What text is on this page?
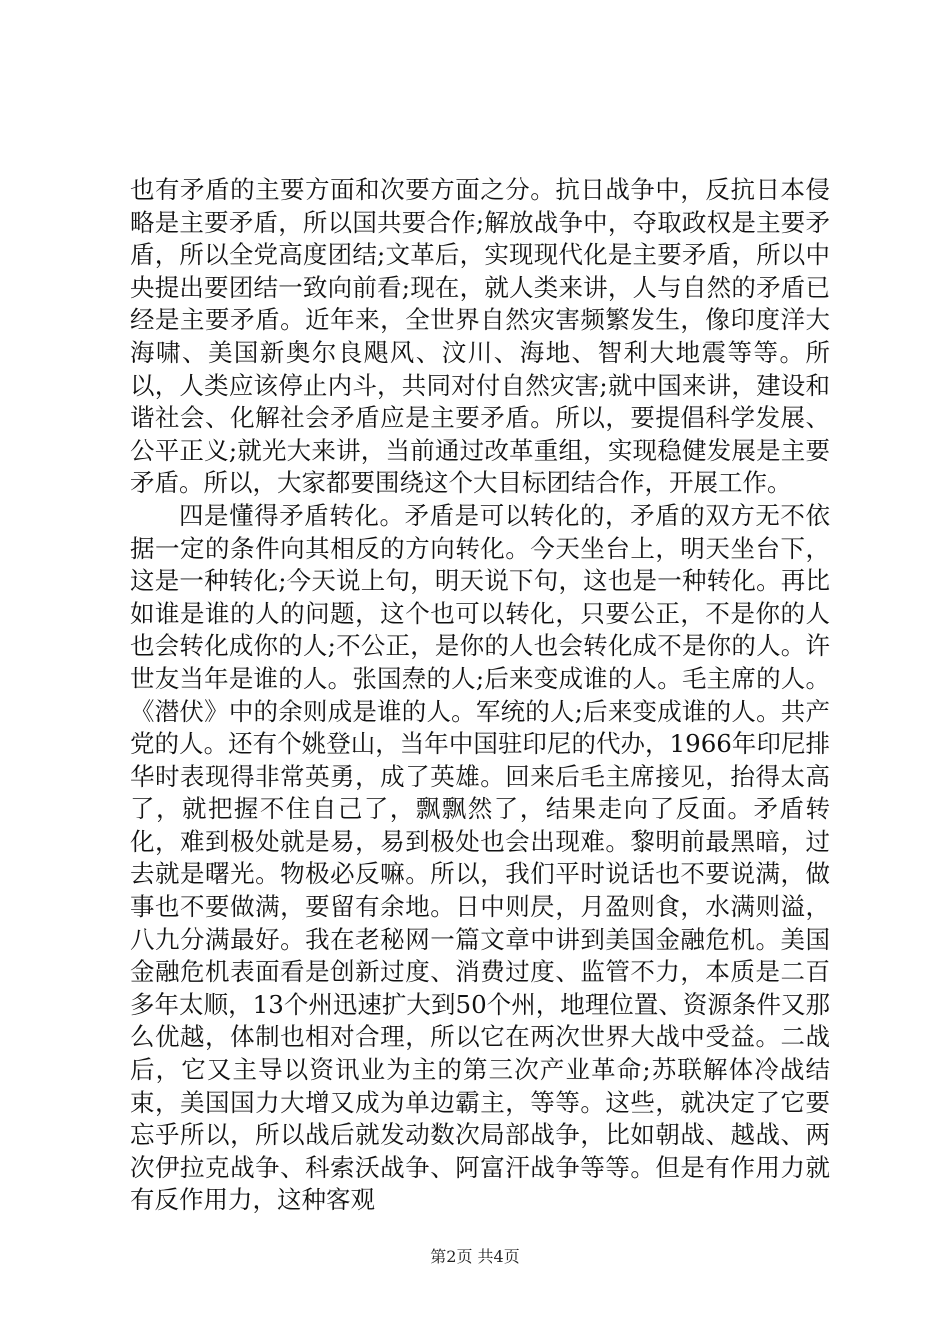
也有矛盾的主要方面和次要方面之分。抗日战争中，反抗日本侵略是主要矛盾，所以国共要合作;解放战争中，夺取政权是主要矛盾，所以全党高度团结;文革后，实现现代化是主要矛盾，所以中央提出要团结一致向前看;现在，就人类来讲，人与自然的矛盾已经是主要矛盾。近年来，全世界自然灾害频繁发生，像印度洋大海啸、美国新奥尔良飓风、汶川、海地、智利大地震等等。所以，人类应该停止内斗，共同对付自然灾害;就中国来讲，建设和谐社会、化解社会矛盾应是主要矛盾。所以，要提倡科学发展、公平正义;就光大来讲，当前通过改革重组，实现稳健发展是主要矛盾。所以，大家都要围绕这个大目标团结合作，开展工作。

四是懂得矛盾转化。矛盾是可以转化的，矛盾的双方无不依据一定的条件向其相反的方向转化。今天坐台上，明天坐台下，这是一种转化;今天说上句，明天说下句，这也是一种转化。再比如谁是谁的人的问题，这个也可以转化，只要公正，不是你的人也会转化成你的人;不公正，是你的人也会转化成不是你的人。许世友当年是谁的人。张国焘的人;后来变成谁的人。毛主席的人。《潜伏》中的余则成是谁的人。军统的人;后来变成谁的人。共产党的人。还有个姚登山，当年中国驻印尼的代办，1966年印尼排华时表现得非常英勇，成了英雄。回来后毛主席接见，抬得太高了，就把握不住自己了，飘飘然了，结果走向了反面。矛盾转化，难到极处就是易，易到极处也会出现难。黎明前最黑暗，过去就是曙光。物极必反嘛。所以，我们平时说话也不要说满，做事也不要做满，要留有余地。日中则昃，月盈则食，水满则溢，八九分满最好。我在老秘网一篇文章中讲到美国金融危机。美国金融危机表面看是创新过度、消费过度、监管不力，本质是二百多年太顺，13个州迅速扩大到50个州，地理位置、资源条件又那么优越，体制也相对合理，所以它在两次世界大战中受益。二战后，它又主导以资讯业为主的第三次产业革命;苏联解体冷战结束，美国国力大增又成为单边霸主，等等。这些，就决定了它要忘乎所以，所以战后就发动数次局部战争，比如朝战、越战、两次伊拉克战争、科索沃战争、阿富汗战争等等。但是有作用力就有反作用力，这种客观

第2页 共4页
